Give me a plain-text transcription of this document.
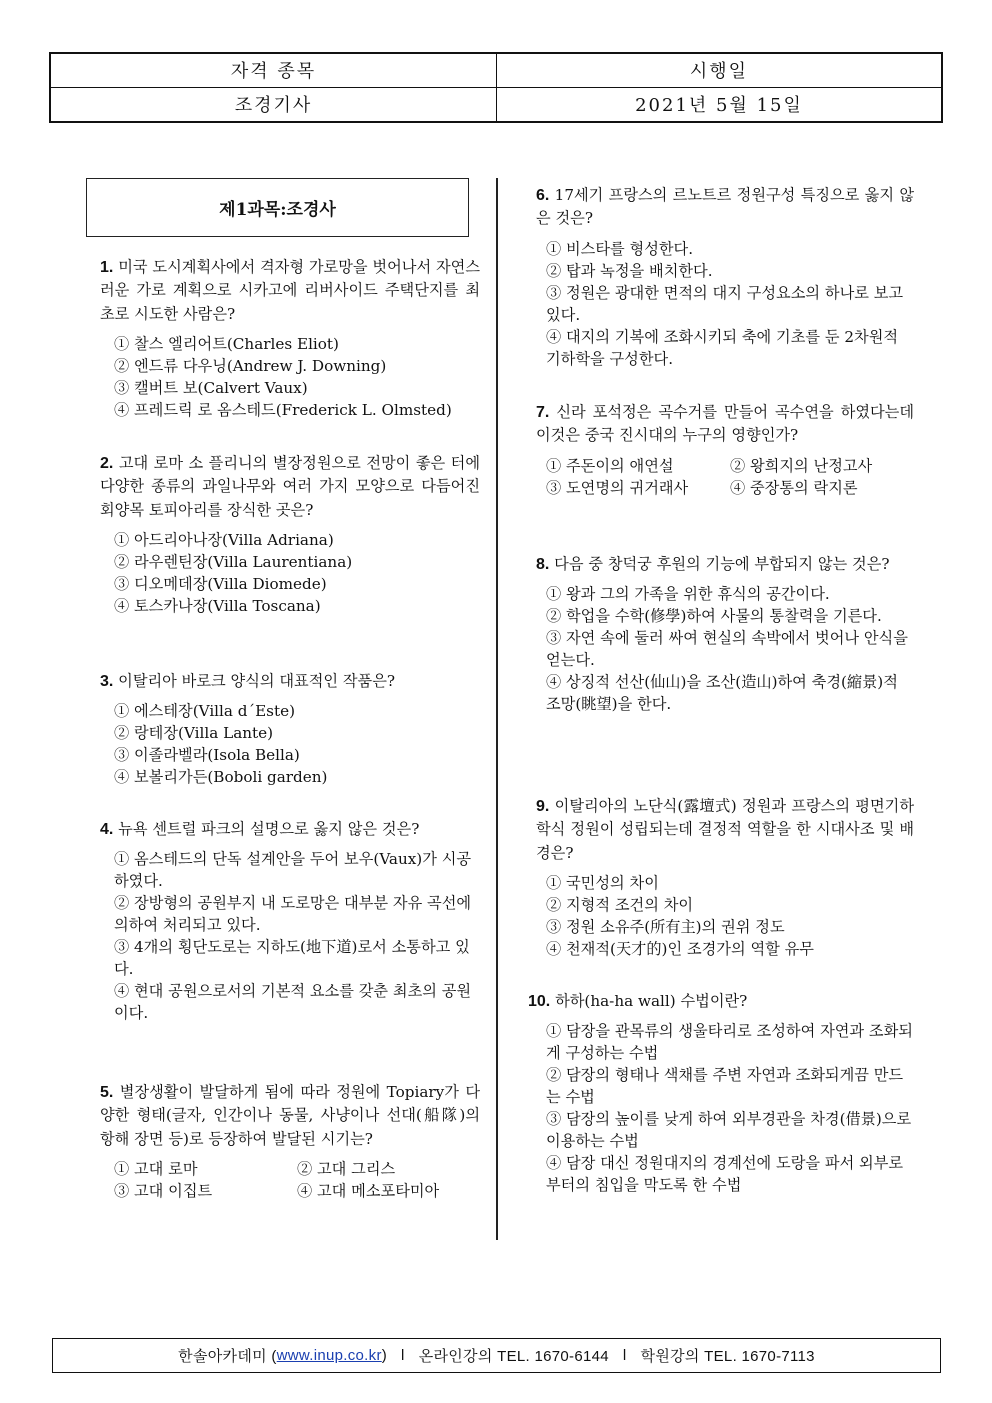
자격 종목	시행일
조경기사	2021년 5월 15일
제1과목:조경사

1. 미국 도시계획사에서 격자형 가로망을 벗어나서 자연스러운 가로 계획으로 시카고에 리버사이드 주택단지를 최초로 시도한 사람은?

① 찰스 엘리어트(Charles Eliot)
② 엔드류 다우닝(Andrew J. Downing)
③ 캘버트 보(Calvert Vaux)
④ 프레드릭 로 옴스테드(Frederick L. Olmsted)

2. 고대 로마 소 플리니의 별장정원으로 전망이 좋은 터에 다양한 종류의 과일나무와 여러 가지 모양으로 다듬어진 회양목 토피아리를 장식한 곳은?

① 아드리아나장(Villa Adriana)
② 라우렌틴장(Villa Laurentiana)
③ 디오메데장(Villa Diomede)
④ 토스카나장(Villa Toscana)

3. 이탈리아 바로크 양식의 대표적인 작품은?

① 에스테장(Villa d´Este)
② 랑테장(Villa Lante)
③ 이졸라벨라(Isola Bella)
④ 보볼리가든(Boboli garden)

4. 뉴욕 센트럴 파크의 설명으로 옳지 않은 것은?

① 옴스테드의 단독 설계안을 두어 보우(Vaux)가 시공하였다.
② 장방형의 공원부지 내 도로망은 대부분 자유 곡선에 의하여 처리되고 있다.
③ 4개의 횡단도로는 지하도(地下道)로서 소통하고 있다.
④ 현대 공원으로서의 기본적 요소를 갖춘 최초의 공원이다.

5. 별장생활이 발달하게 됨에 따라 정원에 Topiary가 다양한 형태(글자, 인간이나 동물, 사냥이나 선대(船隊)의 항해 장면 등)로 등장하여 발달된 시기는?

① 고대 로마	② 고대 그리스
③ 고대 이집트	④ 고대 메소포타미아

6. 17세기 프랑스의 르노트르 정원구성 특징으로 옳지 않은 것은?

① 비스타를 형성한다.
② 탑과 녹정을 배치한다.
③ 정원은 광대한 면적의 대지 구성요소의 하나로 보고 있다.
④ 대지의 기복에 조화시키되 축에 기초를 둔 2차원적 기하학을 구성한다.

7. 신라 포석정은 곡수거를 만들어 곡수연을 하였다는데 이것은 중국 진시대의 누구의 영향인가?

① 주돈이의 애연설	② 왕희지의 난정고사
③ 도연명의 귀거래사	④ 중장통의 락지론

8. 다음 중 창덕궁 후원의 기능에 부합되지 않는 것은?

① 왕과 그의 가족을 위한 휴식의 공간이다.
② 학업을 수학(修學)하여 사물의 통찰력을 기른다.
③ 자연 속에 둘러 싸여 현실의 속박에서 벗어나 안식을 얻는다.
④ 상징적 선산(仙山)을 조산(造山)하여 축경(縮景)적 조망(眺望)을 한다.

9. 이탈리아의 노단식(露壇式) 정원과 프랑스의 평면기하학식 정원이 성립되는데 결정적 역할을 한 시대사조 및 배경은?

① 국민성의 차이
② 지형적 조건의 차이
③ 정원 소유주(所有主)의 권위 정도
④ 천재적(天才的)인 조경가의 역할 유무

10. 하하(ha-ha wall) 수법이란?

① 담장을 관목류의 생울타리로 조성하여 자연과 조화되게 구성하는 수법
② 담장의 형태나 색채를 주변 자연과 조화되게끔 만드는 수법
③ 담장의 높이를 낮게 하여 외부경관을 차경(借景)으로 이용하는 수법
④ 담장 대신 정원대지의 경계선에 도랑을 파서 외부로부터의 침입을 막도록 한 수법
한솔아카데미 ( www.inup.co.kr ) l 온라인강의 TEL. 1670-6144 l 학원강의 TEL. 1670-7113
